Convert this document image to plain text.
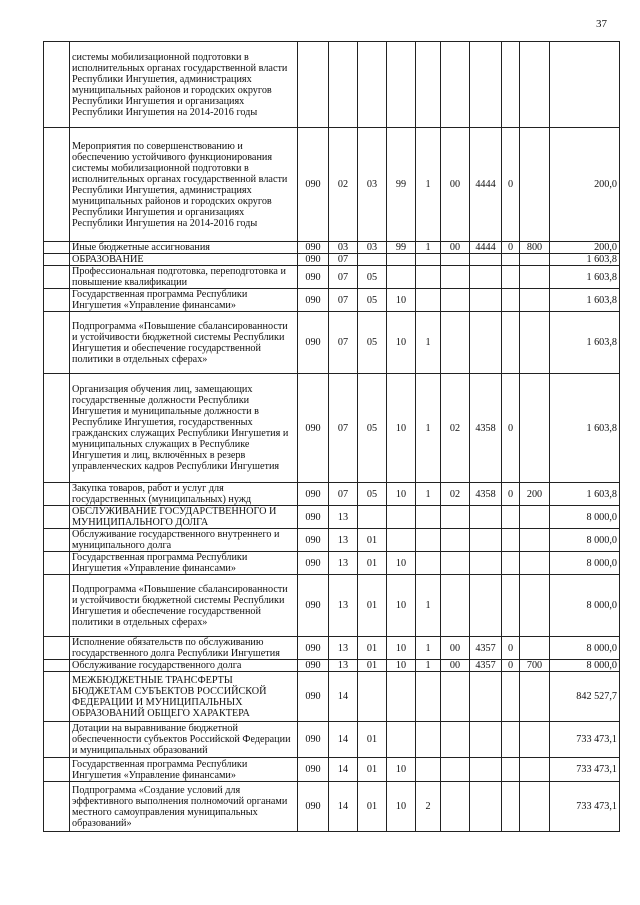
37
	системы мобилизационной подготовки в исполнительных органах государственной власти Республики Ингушетия, администрациях муниципальных районов и городских округов Республики Ингушетия и организациях Республики Ингушетия на 2014-2016 годы										
	Мероприятия по совершенствованию и обеспечению устойчивого функционирования системы мобилизационной подготовки в исполнительных органах государственной власти Республики Ингушетия, администрациях муниципальных районов и городских округов Республики Ингушетия и организациях Республики Ингушетия на 2014-2016 годы	090	02	03	99	1	00	4444	0		200,0
	Иные бюджетные ассигнования	090	03	03	99	1	00	4444	0	800	200,0
	ОБРАЗОВАНИЕ	090	07								1 603,8
	Профессиональная подготовка, переподготовка и повышение квалификации	090	07	05							1 603,8
	Государственная программа Республики Ингушетия «Управление финансами»	090	07	05	10						1 603,8
	Подпрограмма «Повышение сбалансированности и устойчивости бюджетной системы Республики Ингушетия и обеспечение государственной политики в отдельных сферах»	090	07	05	10	1					1 603,8
	Организация обучения лиц, замещающих государственные должности Республики Ингушетия и муниципальные должности в Республике Ингушетия, государственных гражданских служащих Республики Ингушетия и муниципальных служащих в Республике Ингушетия и лиц, включённых в резерв управленческих кадров Республики Ингушетия	090	07	05	10	1	02	4358	0		1 603,8
	Закупка товаров, работ и услуг для государственных (муниципальных) нужд	090	07	05	10	1	02	4358	0	200	1 603,8
	ОБСЛУЖИВАНИЕ ГОСУДАРСТВЕННОГО И МУНИЦИПАЛЬНОГО ДОЛГА	090	13								8 000,0
	Обслуживание государственного внутреннего и муниципального долга	090	13	01							8 000,0
	Государственная программа Республики Ингушетия «Управление финансами»	090	13	01	10						8 000,0
	Подпрограмма «Повышение сбалансированности и устойчивости бюджетной системы Республики Ингушетия и обеспечение государственной политики в отдельных сферах»	090	13	01	10	1					8 000,0
	Исполнение обязательств по обслуживанию государственного долга Республики Ингушетия	090	13	01	10	1	00	4357	0		8 000,0
	Обслуживание государственного долга	090	13	01	10	1	00	4357	0	700	8 000,0
	МЕЖБЮДЖЕТНЫЕ ТРАНСФЕРТЫ БЮДЖЕТАМ СУБЪЕКТОВ РОССИЙСКОЙ ФЕДЕРАЦИИ И МУНИЦИПАЛЬНЫХ ОБРАЗОВАНИЙ ОБЩЕГО ХАРАКТЕРА	090	14								842 527,7
	Дотации на выравнивание бюджетной обеспеченности субъектов Российской Федерации и муниципальных образований	090	14	01							733 473,1
	Государственная программа Республики Ингушетия «Управление финансами»	090	14	01	10						733 473,1
	Подпрограмма «Создание условий для эффективного выполнения полномочий органами местного самоуправления муниципальных образований»	090	14	01	10	2					733 473,1
